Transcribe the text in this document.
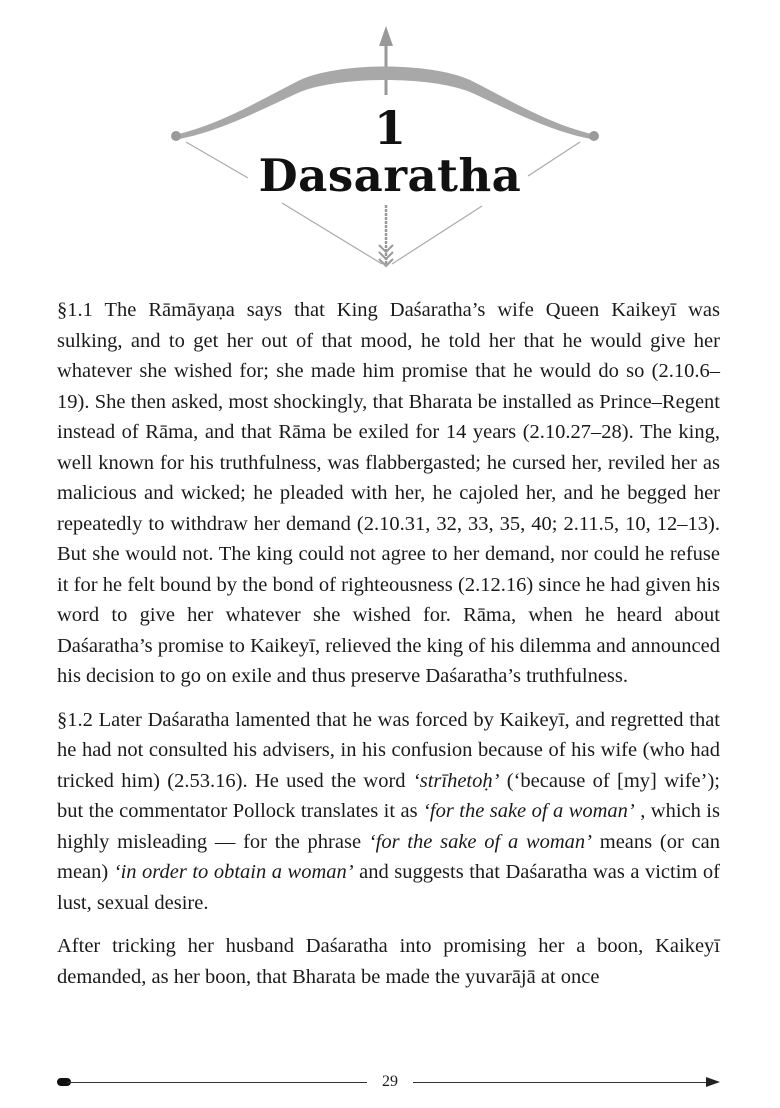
1
Dasaratha

§1.1 The Rāmāyaṇa says that King Daśaratha’s wife Queen Kaikeyī was sulking, and to get her out of that mood, he told her that he would give her whatever she wished for; she made him promise that he would do so (2.10.6–19). She then asked, most shockingly, that Bharata be installed as Prince–Regent instead of Rāma, and that Rāma be exiled for 14 years (2.10.27–28). The king, well known for his truthfulness, was flabbergasted; he cursed her, reviled her as malicious and wicked; he pleaded with her, he cajoled her, and he begged her repeatedly to withdraw her demand (2.10.31, 32, 33, 35, 40; 2.11.5, 10, 12–13). But she would not. The king could not agree to her demand, nor could he refuse it for he felt bound by the bond of righteousness (2.12.16) since he had given his word to give her whatever she wished for. Rāma, when he heard about Daśaratha’s promise to Kaikeyī, relieved the king of his dilemma and announced his decision to go on exile and thus preserve Daśaratha’s truthfulness.

§1.2 Later Daśaratha lamented that he was forced by Kaikeyī, and regretted that he had not consulted his advisers, in his confusion because of his wife (who had tricked him) (2.53.16). He used the word ‘strīhetoḥ’ (‘because of [my] wife’); but the commentator Pollock translates it as ‘for the sake of a woman’ , which is highly misleading — for the phrase ‘for the sake of a woman’ means (or can mean) ‘in order to obtain a woman’ and suggests that Daśaratha was a victim of lust, sexual desire.

After tricking her husband Daśaratha into promising her a boon, Kaikeyī demanded, as her boon, that Bharata be made the yuvarājā at once

29
